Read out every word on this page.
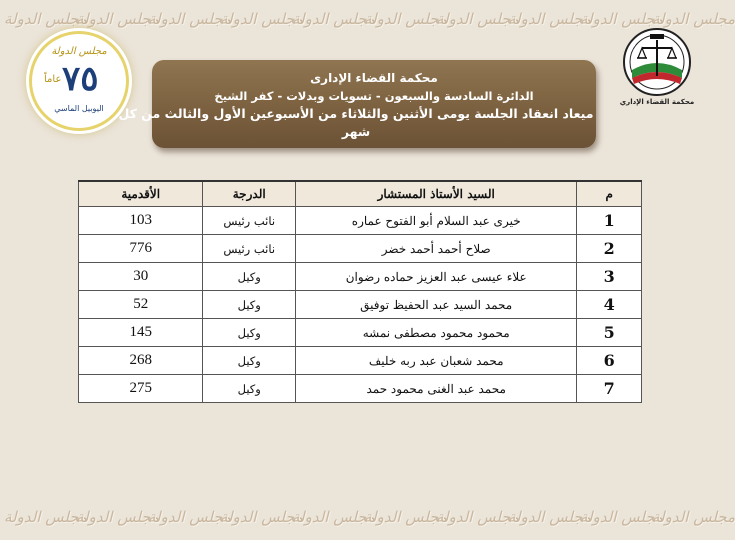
مجلس الدولة
مجلس الدولة
مجلس الدولة
مجلس الدولة
مجلس الدولة
مجلس الدولة
مجلس الدولة
مجلس الدولة
مجلس الدولة
مجلس الدولة
مجلس الدولة
مجلس الدولة
مجلس الدولة
مجلس الدولة
مجلس الدولة
مجلس الدولة
مجلس الدولة
مجلس الدولة
مجلس الدولة
مجلس الدولة
مجلس الدولة
عاماً ٧٥
اليوبيل الماسي
محكمة القضاء الإداري
محكمة القضاء الإدارى
الدائرة السادسة والسبعون - تسويات وبدلات - كفر الشيخ
ميعاد انعقاد الجلسة يومى الأثنين والثلاثاء من الأسبوعين الأول والثالث من كل شهر
م	السيد الأستاذ المستشار	الدرجة	الأقدمية
1	خيرى عبد السلام أبو الفتوح عماره	نائب رئيس	103
2	صلاح أحمد أحمد خضر	نائب رئيس	776
3	علاء عيسى عبد العزيز حماده رضوان	وكيل	30
4	محمد السيد عبد الحفيظ توفيق	وكيل	52
5	محمود محمود مصطفى نمشه	وكيل	145
6	محمد شعبان عبد ربه خليف	وكيل	268
7	محمد عبد الغنى محمود حمد	وكيل	275
